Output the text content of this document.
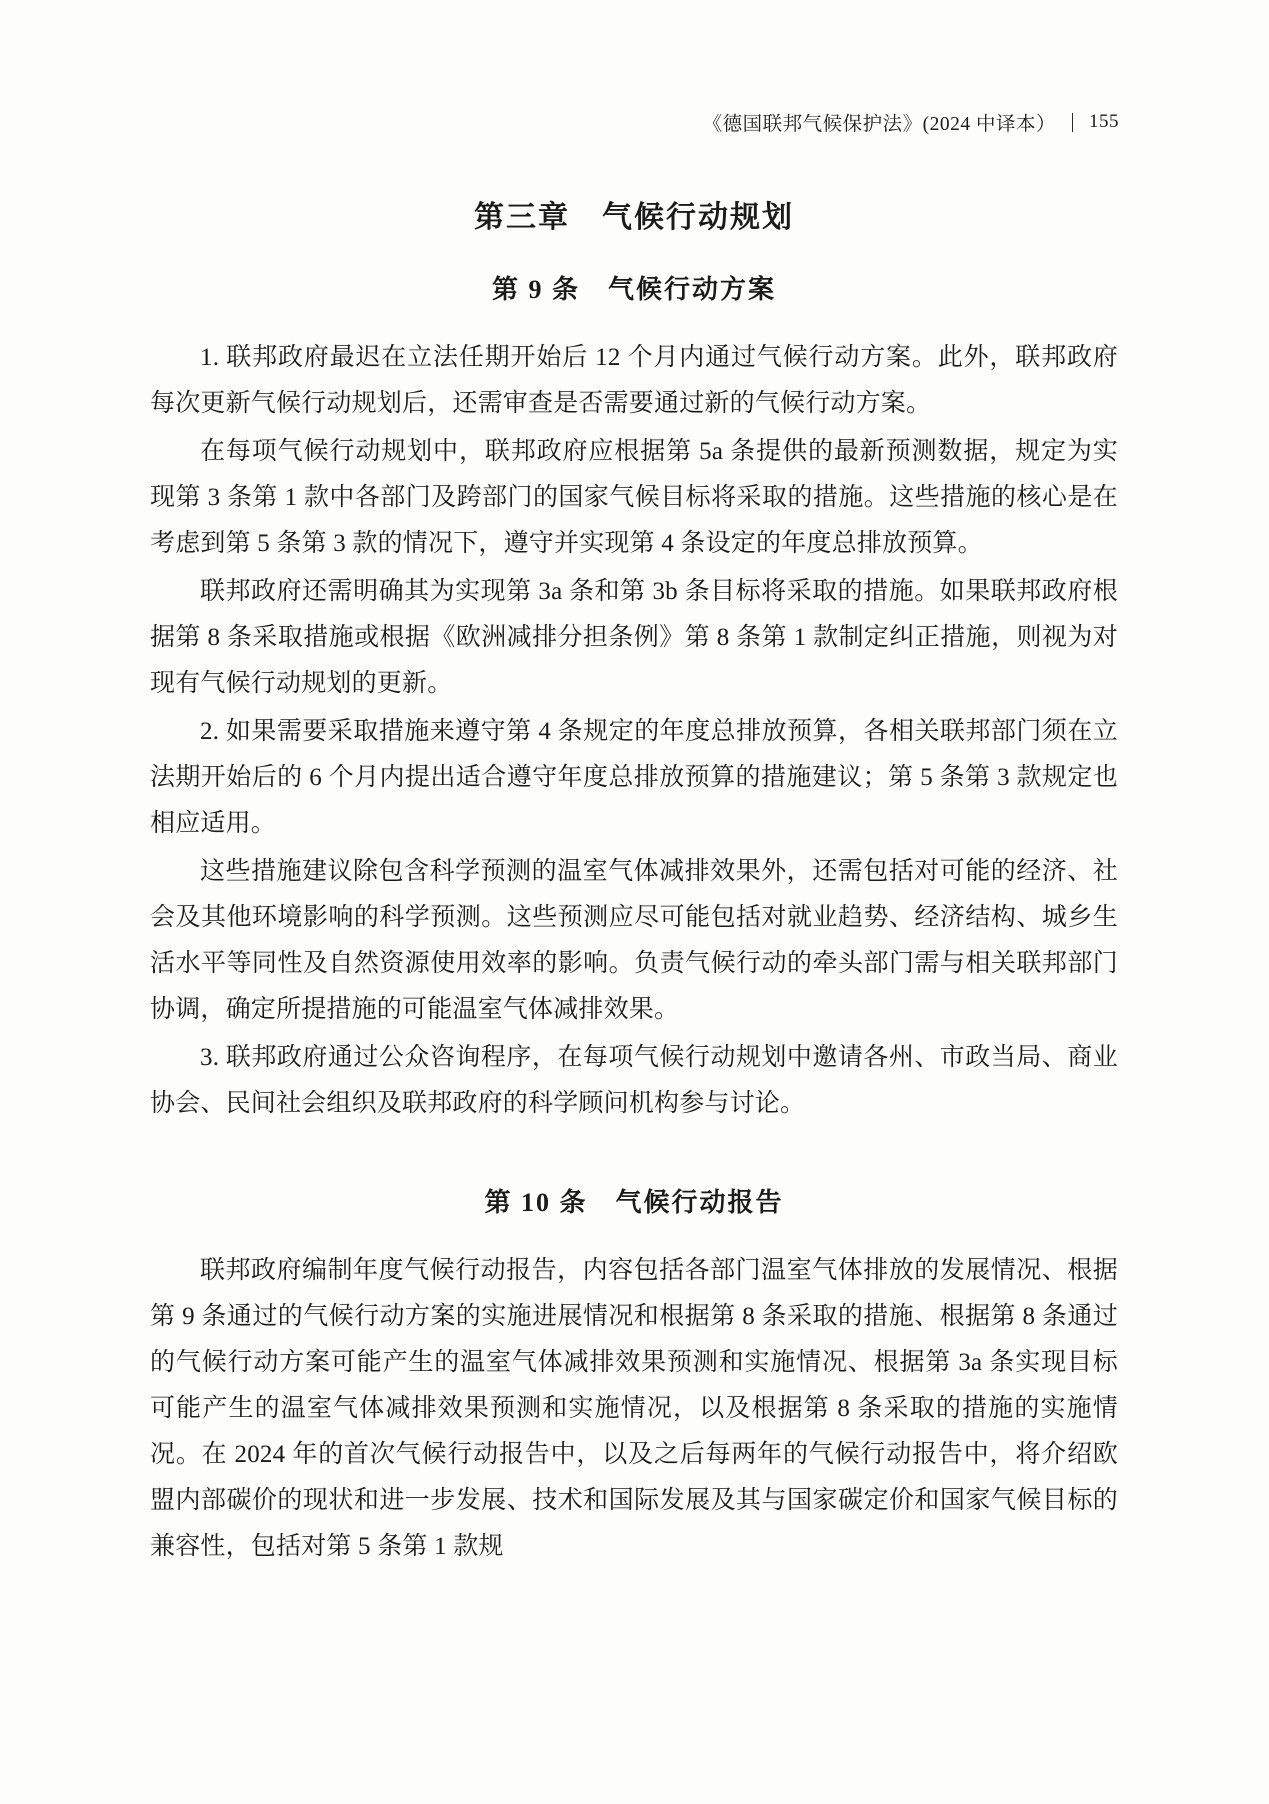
《德国联邦气候保护法》(2024 中译本） 155
第三章　气候行动规划
第 9 条　气候行动方案

1. 联邦政府最迟在立法任期开始后 12 个月内通过气候行动方案。此外，联邦政府每次更新气候行动规划后，还需审查是否需要通过新的气候行动方案。

在每项气候行动规划中，联邦政府应根据第 5a 条提供的最新预测数据，规定为实现第 3 条第 1 款中各部门及跨部门的国家气候目标将采取的措施。这些措施的核心是在考虑到第 5 条第 3 款的情况下，遵守并实现第 4 条设定的年度总排放预算。

联邦政府还需明确其为实现第 3a 条和第 3b 条目标将采取的措施。如果联邦政府根据第 8 条采取措施或根据《欧洲减排分担条例》第 8 条第 1 款制定纠正措施，则视为对现有气候行动规划的更新。

2. 如果需要采取措施来遵守第 4 条规定的年度总排放预算，各相关联邦部门须在立法期开始后的 6 个月内提出适合遵守年度总排放预算的措施建议；第 5 条第 3 款规定也相应适用。

这些措施建议除包含科学预测的温室气体减排效果外，还需包括对可能的经济、社会及其他环境影响的科学预测。这些预测应尽可能包括对就业趋势、经济结构、城乡生活水平等同性及自然资源使用效率的影响。负责气候行动的牵头部门需与相关联邦部门协调，确定所提措施的可能温室气体减排效果。

3. 联邦政府通过公众咨询程序，在每项气候行动规划中邀请各州、市政当局、商业协会、民间社会组织及联邦政府的科学顾问机构参与讨论。

第 10 条　气候行动报告

联邦政府编制年度气候行动报告，内容包括各部门温室气体排放的发展情况、根据第 9 条通过的气候行动方案的实施进展情况和根据第 8 条采取的措施、根据第 8 条通过的气候行动方案可能产生的温室气体减排效果预测和实施情况、根据第 3a 条实现目标可能产生的温室气体减排效果预测和实施情况，以及根据第 8 条采取的措施的实施情况。在 2024 年的首次气候行动报告中，以及之后每两年的气候行动报告中，将介绍欧盟内部碳价的现状和进一步发展、技术和国际发展及其与国家碳定价和国家气候目标的兼容性，包括对第 5 条第 1 款规
